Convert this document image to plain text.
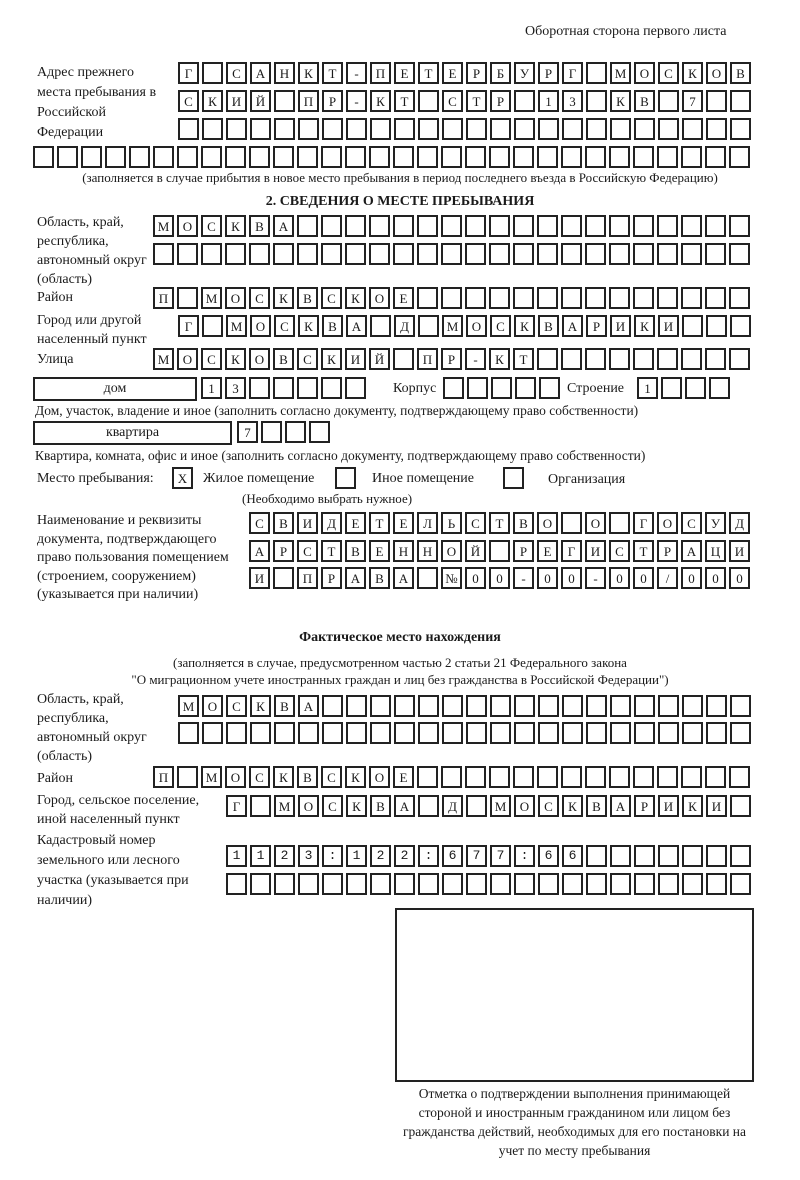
Оборотная сторона первого листа
Адрес прежнего места пребывания в Российской Федерации
Г	С	А	Н	К	Т	-	П	Е	Т	Е	Р	Б	У	Р	Г	М	О	С	К	О	В
С	К	И	Й	П	Р	-	К	Т	С	Т	Р	1	3	К	В	7
(заполняется в случае прибытия в новое место пребывания в период последнего въезда в Российскую Федерацию)
2. СВЕДЕНИЯ О МЕСТЕ ПРЕБЫВАНИЯ
Область, край, республика, автономный округ (область)
М	О	С	К	В	А
Район	П	М	О	С	К	В	С	К	О	Е
Город или другой населенный пункт
Г	М	О	С	К	В	А	Д	М	О	С	К	В	А	Р	И	К	И
Улица	М	О	С	К	О	В	С	К	И	Й	П	Р	-	К	Т
дом	1	3	Корпус	Строение	1
Дом, участок, владение и иное (заполнить согласно документу, подтверждающему право собственности)
квартира	7
Квартира, комната, офис и иное (заполнить согласно документу, подтверждающему право собственности)
Место пребывания:	X	Жилое помещение	Иное помещение	Организация
(Необходимо выбрать нужное)
Наименование и реквизиты документа, подтверждающего право пользования помещением (строением, сооружением) (указывается при наличии)
С	В	И	Д	Е	Т	Е	Л	Ь	С	Т	В	О	О	Г	О	С	У	Д
А	Р	С	Т	В	Е	Н	Н	О	Й	Р	Е	Г	И	С	Т	Р	А	Ц	И
И	П	Р	А	В	А	№	0	0	-	0	0	-	0	0	/	0	0	0
Фактическое место нахождения
(заполняется в случае, предусмотренном частью 2 статьи 21 Федерального закона
"О миграционном учете иностранных граждан и лиц без гражданства в Российской Федерации")
Область, край, республика, автономный округ (область)
М	О	С	К	В	А
Район	П	М	О	С	К	В	С	К	О	Е
Город, сельское поселение, иной населенный пункт
Г	М	О	С	К	В	А	Д	М	О	С	К	В	А	Р	И	К	И
Кадастровый номер земельного или лесного участка (указывается при наличии)
1123:122:677:66
Отметка о подтверждении выполнения принимающей стороной и иностранным гражданином или лицом без гражданства действий, необходимых для его постановки на учет по месту пребывания
